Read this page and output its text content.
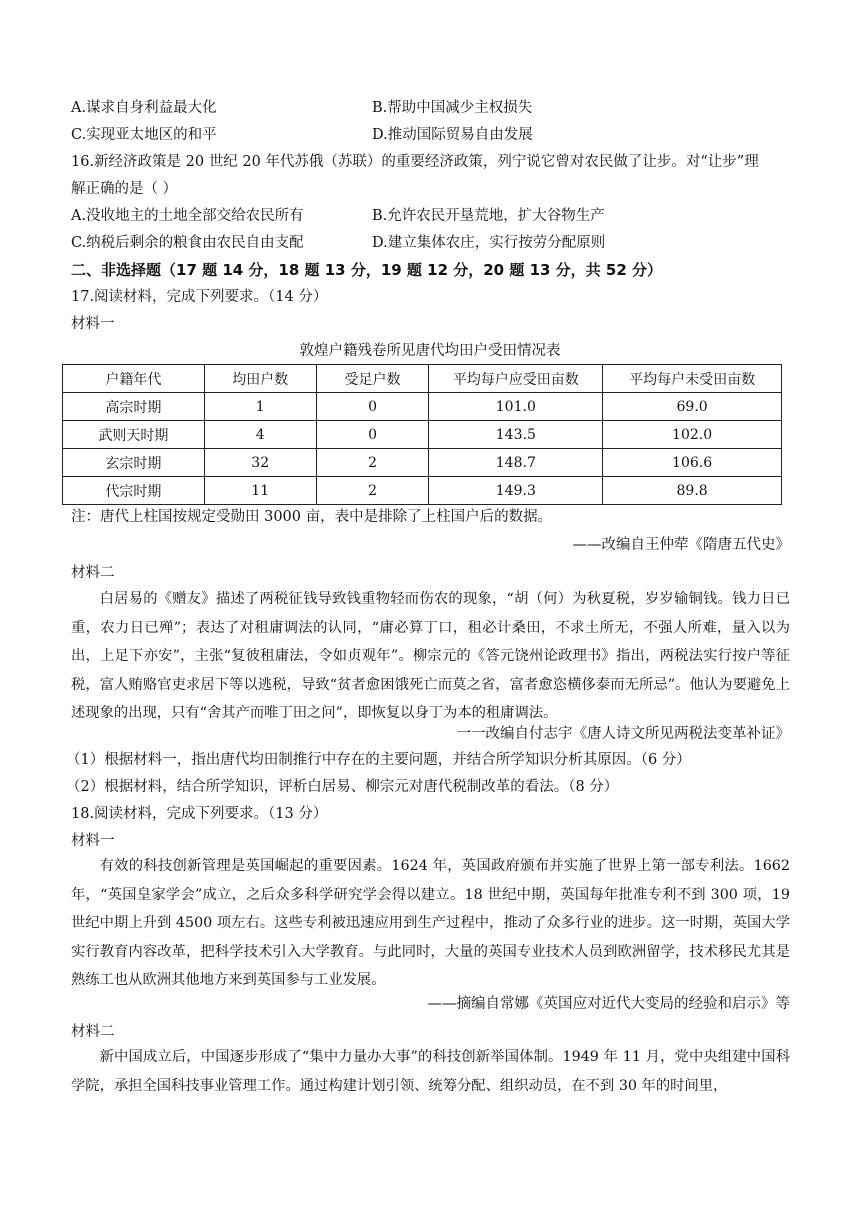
A.谋求自身利益最大化	B.帮助中国减少主权损失
C.实现亚太地区的和平	D.推动国际贸易自由发展
16.新经济政策是 20 世纪 20 年代苏俄（苏联）的重要经济政策，列宁说它曾对农民做了让步。对“让步”理
解正确的是（ ）
A.没收地主的土地全部交给农民所有	B.允许农民开垦荒地，扩大谷物生产
C.纳税后剩余的粮食由农民自由支配	D.建立集体农庄，实行按劳分配原则
二、非选择题（17 题 14 分，18 题 13 分，19 题 12 分，20 题 13 分，共 52 分）
17.阅读材料，完成下列要求。（14 分）
材料一
敦煌户籍残卷所见唐代均田户受田情况表
户籍年代	均田户数	受足户数	平均每户应受田亩数	平均每户未受田亩数
高宗时期	1	0	101.0	69.0
武则天时期	4	0	143.5	102.0
玄宗时期	32	2	148.7	106.6
代宗时期	11	2	149.3	89.8
注：唐代上柱国按规定受勋田 3000 亩，表中是排除了上柱国户后的数据。
——改编自王仲荦《隋唐五代史》
材料二
白居易的《赠友》描述了两税征钱导致钱重物轻而伤农的现象，“胡（何）为秋夏税，岁岁输铜钱。钱力日已重，农力日已殚”；表达了对租庸调法的认同，“庸必算丁口，租必计桑田，不求土所无，不强人所难，量入以为出，上足下亦安”，主张“复彼租庸法，令如贞观年”。柳宗元的《答元饶州论政理书》指出，两税法实行按户等征税，富人贿赂官吏求居下等以逃税，导致“贫者愈困饿死亡而莫之省，富者愈恣横侈泰而无所忌”。他认为要避免上述现象的出现，只有“舍其产而唯丁田之问”，即恢复以身丁为本的租庸调法。
一一改编自付志宇《唐人诗文所见两税法变革补证》
（1）根据材料一，指出唐代均田制推行中存在的主要问题，并结合所学知识分析其原因。（6 分）
（2）根据材料，结合所学知识，评析白居易、柳宗元对唐代税制改革的看法。（8 分）
18.阅读材料，完成下列要求。（13 分）
材料一
有效的科技创新管理是英国崛起的重要因素。1624 年，英国政府颁布并实施了世界上第一部专利法。1662 年，“英国皇家学会”成立，之后众多科学研究学会得以建立。18 世纪中期，英国每年批准专利不到 300 项，19 世纪中期上升到 4500 项左右。这些专利被迅速应用到生产过程中，推动了众多行业的进步。这一时期，英国大学实行教育内容改革，把科学技术引入大学教育。与此同时，大量的英国专业技术人员到欧洲留学，技术移民尤其是熟练工也从欧洲其他地方来到英国参与工业发展。
——摘编自常娜《英国应对近代大变局的经验和启示》等
材料二
新中国成立后，中国逐步形成了“集中力量办大事”的科技创新举国体制。1949 年 11 月，党中央组建中国科学院，承担全国科技事业管理工作。通过构建计划引领、统筹分配、组织动员，在不到 30 年的时间里，
